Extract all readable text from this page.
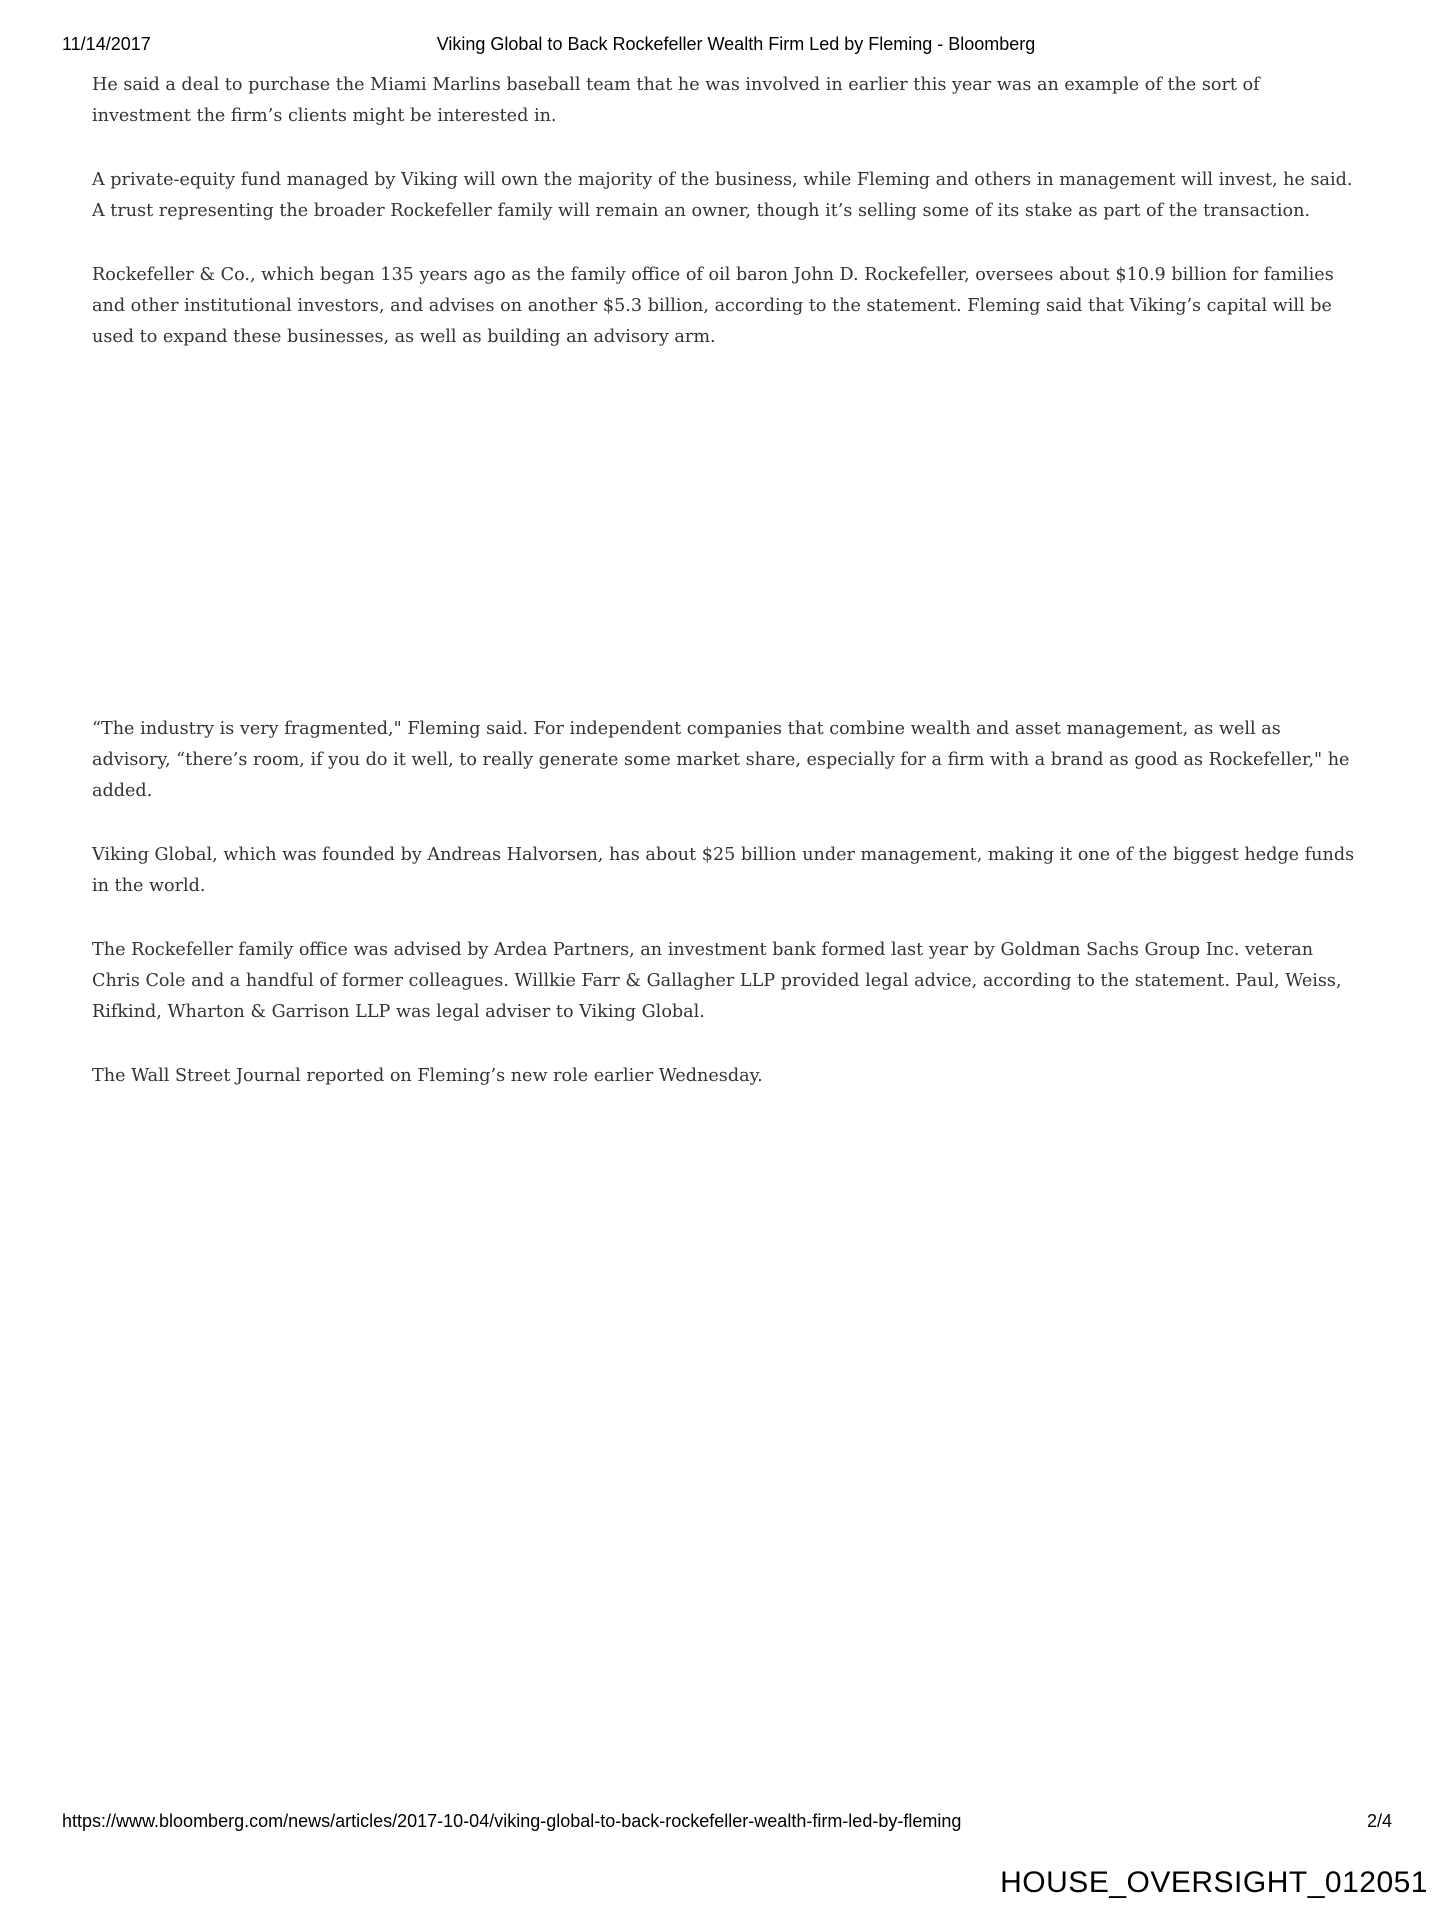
11/14/2017	Viking Global to Back Rockefeller Wealth Firm Led by Fleming - Bloomberg

He said a deal to purchase the Miami Marlins baseball team that he was involved in earlier this year was an example of the sort of investment the firm’s clients might be interested in.

A private-equity fund managed by Viking will own the majority of the business, while Fleming and others in management will invest, he said. A trust representing the broader Rockefeller family will remain an owner, though it’s selling some of its stake as part of the transaction.

Rockefeller & Co., which began 135 years ago as the family office of oil baron John D. Rockefeller, oversees about $10.9 billion for families and other institutional investors, and advises on another $5.3 billion, according to the statement. Fleming said that Viking’s capital will be used to expand these businesses, as well as building an advisory arm.

“The industry is very fragmented," Fleming said. For independent companies that combine wealth and asset management, as well as advisory, “there’s room, if you do it well, to really generate some market share, especially for a firm with a brand as good as Rockefeller," he added.

Viking Global, which was founded by Andreas Halvorsen, has about $25 billion under management, making it one of the biggest hedge funds in the world.

The Rockefeller family office was advised by Ardea Partners, an investment bank formed last year by Goldman Sachs Group Inc. veteran Chris Cole and a handful of former colleagues. Willkie Farr & Gallagher LLP provided legal advice, according to the statement. Paul, Weiss, Rifkind, Wharton & Garrison LLP was legal adviser to Viking Global.

The Wall Street Journal reported on Fleming’s new role earlier Wednesday.

https://www.bloomberg.com/news/articles/2017-10-04/viking-global-to-back-rockefeller-wealth-firm-led-by-fleming	2/4
HOUSE_OVERSIGHT_012051
